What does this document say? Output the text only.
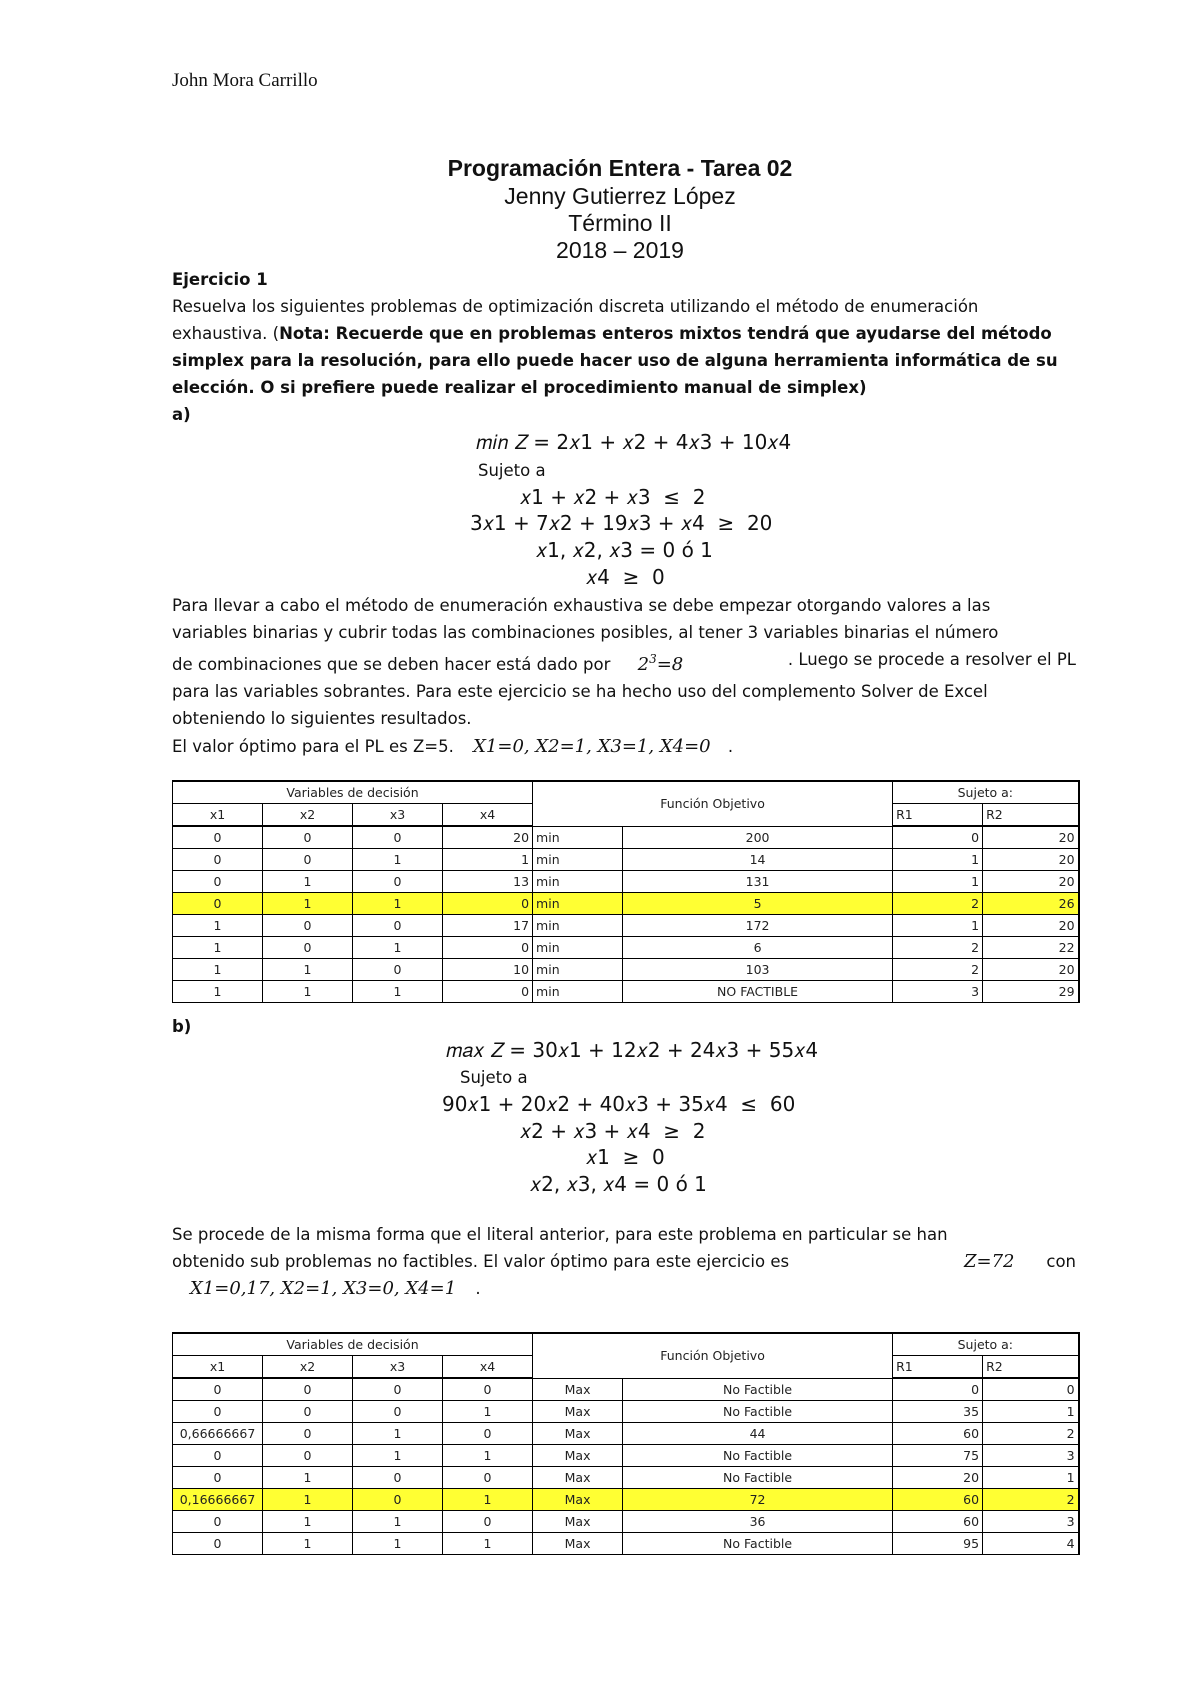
John Mora Carrillo
Programación Entera - Tarea 02
Jenny Gutierrez López
Término II
2018 – 2019
Ejercicio 1
Resuelva los siguientes problemas de optimización discreta utilizando el método de enumeración exhaustiva. (Nota: Recuerde que en problemas enteros mixtos tendrá que ayudarse del método simplex para la resolución, para ello puede hacer uso de alguna herramienta informática de su elección. O si prefiere puede realizar el procedimiento manual de simplex)
a)
𝑚𝑖𝑛 𝑍 = 2𝑥1 + 𝑥2 + 4𝑥3 + 10𝑥4
Sujeto a
𝑥1 + 𝑥2 + 𝑥3  ≤  2
3𝑥1 + 7𝑥2 + 19𝑥3 + 𝑥4  ≥  20
𝑥1, 𝑥2, 𝑥3 = 0 ó 1
𝑥4  ≥  0
Para llevar a cabo el método de enumeración exhaustiva se debe empezar otorgando valores a las
variables binarias y cubrir todas las combinaciones posibles, al tener 3 variables binarias el número
de combinaciones que se deben hacer está dado por $2^3=8$	. Luego se procede a resolver el PL
para las variables sobrantes. Para este ejercicio se ha hecho uso del complemento Solver de Excel
obteniendo lo siguientes resultados.
El valor óptimo para el PL es Z=5. 𝑋1=0, 𝑋2=1, 𝑋3=1, 𝑋4=0 .
Variables de decisión				Función Objetivo		Sujeto a:	
x1	x2	x3	x4			R1	R2
0	0	0	20	min	200	0	20
0	0	1	1	min	14	1	20
0	1	0	13	min	131	1	20
0	1	1	0	min	5	2	26
1	0	0	17	min	172	1	20
1	0	1	0	min	6	2	22
1	1	0	10	min	103	2	20
1	1	1	0	min	NO FACTIBLE	3	29
b)
𝑚𝑎𝑥 𝑍 = 30𝑥1 + 12𝑥2 + 24𝑥3 + 55𝑥4
Sujeto a
90𝑥1 + 20𝑥2 + 40𝑥3 + 35𝑥4  ≤  60
𝑥2 + 𝑥3 + 𝑥4  ≥  2
𝑥1  ≥  0
𝑥2, 𝑥3, 𝑥4 = 0 ó 1
Se procede de la misma forma que el literal anterior, para este problema en particular se han
obtenido sub problemas no factibles. El valor óptimo para este ejercicio es	𝑍=72 con
𝑋1=0,17, 𝑋2=1, 𝑋3=0, 𝑋4=1 .
Variables de decisión				Función Objetivo		Sujeto a:	
x1	x2	x3	x4			R1	R2
0	0	0	0	Max	No Factible	0	0
0	0	0	1	Max	No Factible	35	1
0,66666667	0	1	0	Max	44	60	2
0	0	1	1	Max	No Factible	75	3
0	1	0	0	Max	No Factible	20	1
0,16666667	1	0	1	Max	72	60	2
0	1	1	0	Max	36	60	3
0	1	1	1	Max	No Factible	95	4
